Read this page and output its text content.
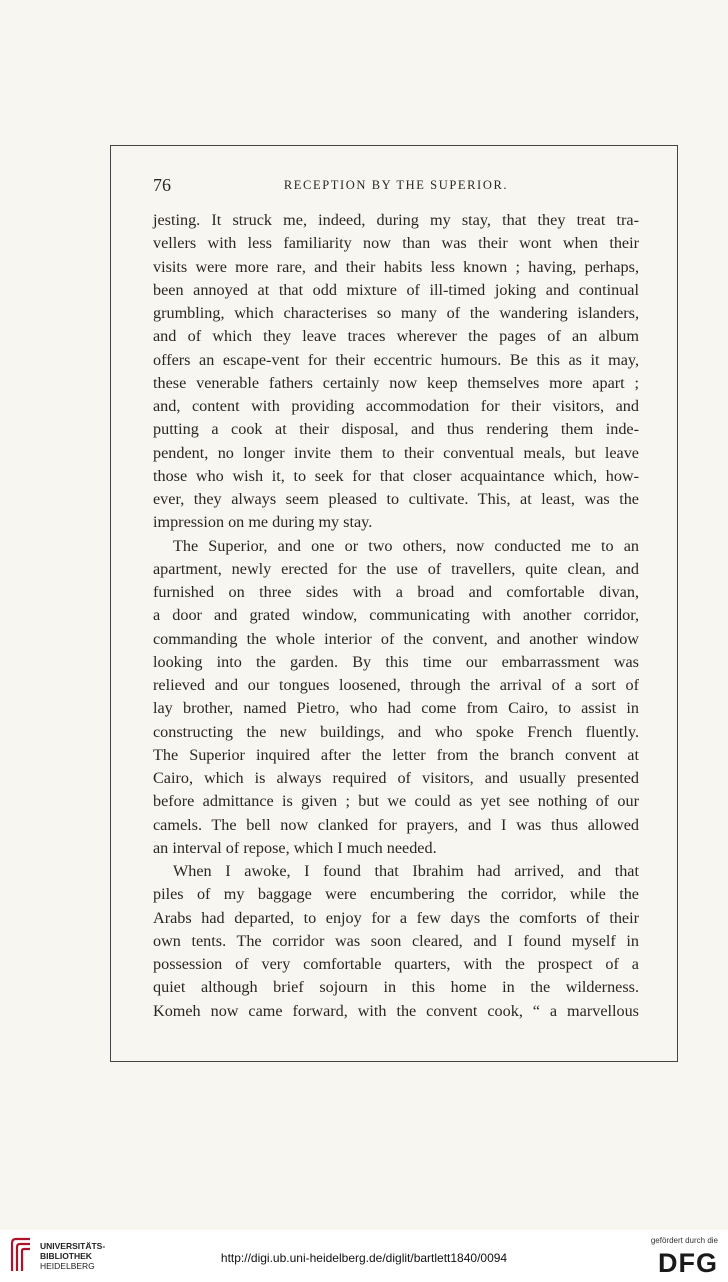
76	RECEPTION BY THE SUPERIOR.
jesting. It struck me, indeed, during my stay, that they treat tra-
vellers with less familiarity now than was their wont when their
visits were more rare, and their habits less known ; having, perhaps,
been annoyed at that odd mixture of ill-timed joking and continual
grumbling, which characterises so many of the wandering islanders,
and of which they leave traces wherever the pages of an album
offers an escape-vent for their eccentric humours. Be this as it may,
these venerable fathers certainly now keep themselves more apart ;
and, content with providing accommodation for their visitors, and
putting a cook at their disposal, and thus rendering them inde-
pendent, no longer invite them to their conventual meals, but leave
those who wish it, to seek for that closer acquaintance which, how-
ever, they always seem pleased to cultivate. This, at least, was the
impression on me during my stay.
The Superior, and one or two others, now conducted me to an
apartment, newly erected for the use of travellers, quite clean, and
furnished on three sides with a broad and comfortable divan,
a door and grated window, communicating with another corridor,
commanding the whole interior of the convent, and another window
looking into the garden. By this time our embarrassment was
relieved and our tongues loosened, through the arrival of a sort of
lay brother, named Pietro, who had come from Cairo, to assist in
constructing the new buildings, and who spoke French fluently.
The Superior inquired after the letter from the branch convent at
Cairo, which is always required of visitors, and usually presented
before admittance is given ; but we could as yet see nothing of our
camels. The bell now clanked for prayers, and I was thus allowed
an interval of repose, which I much needed.
When I awoke, I found that Ibrahim had arrived, and that
piles of my baggage were encumbering the corridor, while the
Arabs had departed, to enjoy for a few days the comforts of their
own tents. The corridor was soon cleared, and I found myself in
possession of very comfortable quarters, with the prospect of a
quiet although brief sojourn in this home in the wilderness.
Komeh now came forward, with the convent cook, “ a marvellous
UNIVERSITÄTS-
BIBLIOTHEK
HEIDELBERG
http://digi.ub.uni-heidelberg.de/diglit/bartlett1840/0094
gefördert durch die
DFG
